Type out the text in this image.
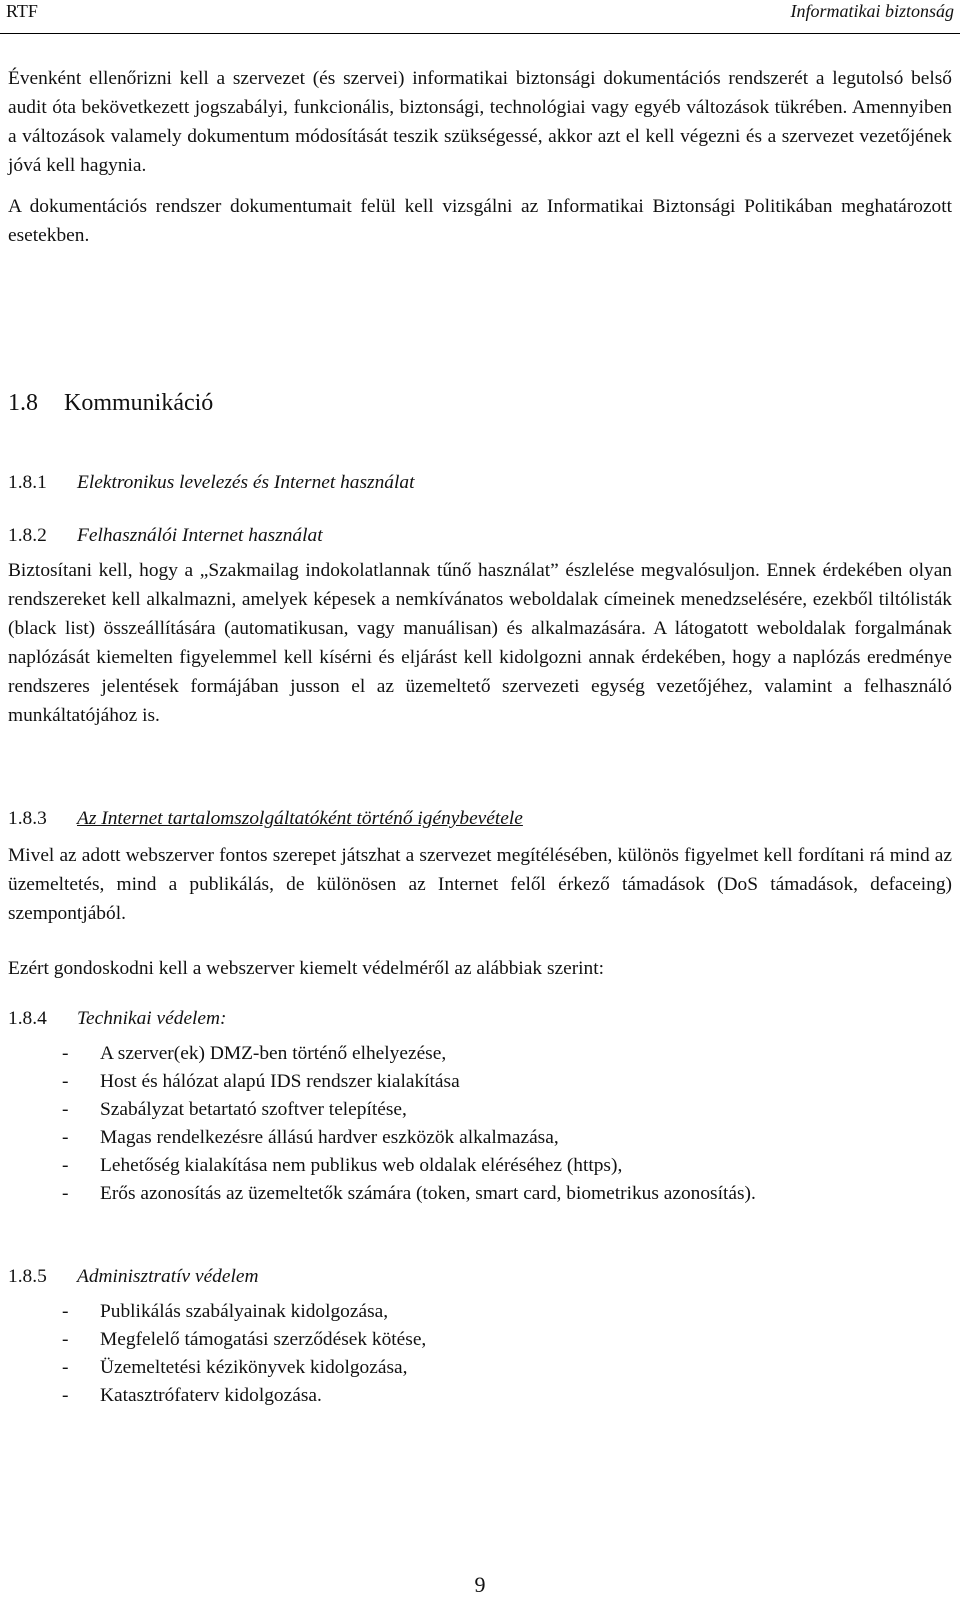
RTF	Informatikai biztonság

Évenként ellenőrizni kell a szervezet (és szervei) informatikai biztonsági dokumentációs rendszerét a legutolsó belső audit óta bekövetkezett jogszabályi, funkcionális, biztonsági, technológiai vagy egyéb változások tükrében. Amennyiben a változások valamely dokumentum módosítását teszik szükségessé, akkor azt el kell végezni és a szervezet vezetőjének jóvá kell hagynia.

A dokumentációs rendszer dokumentumait felül kell vizsgálni az Informatikai Biztonsági Politikában meghatározott esetekben.

1.8 Kommunikáció
1.8.1 Elektronikus levelezés és Internet használat
1.8.2 Felhasználói Internet használat
Biztosítani kell, hogy a „Szakmailag indokolatlannak tűnő használat” észlelése megvalósuljon. Ennek érdekében olyan rendszereket kell alkalmazni, amelyek képesek a nemkívánatos weboldalak címeinek menedzselésére, ezekből tiltólisták (black list) összeállítására (automatikusan, vagy manuálisan) és alkalmazására. A látogatott weboldalak forgalmának naplózását kiemelten figyelemmel kell kísérni és eljárást kell kidolgozni annak érdekében, hogy a naplózás eredménye rendszeres jelentések formájában jusson el az üzemeltető szervezeti egység vezetőjéhez, valamint a felhasználó munkáltatójához is.
1.8.3 Az Internet tartalomszolgáltatóként történő igénybevétele
Mivel az adott webszerver fontos szerepet játszhat a szervezet megítélésében, különös figyelmet kell fordítani rá mind az üzemeltetés, mind a publikálás, de különösen az Internet felől érkező támadások (DoS támadások, defaceing) szempontjából.
Ezért gondoskodni kell a webszerver kiemelt védelméről az alábbiak szerint:
1.8.4 Technikai védelem:
- A szerver(ek) DMZ-ben történő elhelyezése,
- Host és hálózat alapú IDS rendszer kialakítása
- Szabályzat betartató szoftver telepítése,
- Magas rendelkezésre állású hardver eszközök alkalmazása,
- Lehetőség kialakítása nem publikus web oldalak eléréséhez (https),
- Erős azonosítás az üzemeltetők számára (token, smart card, biometrikus azonosítás).
1.8.5 Adminisztratív védelem
- Publikálás szabályainak kidolgozása,
- Megfelelő támogatási szerződések kötése,
- Üzemeltetési kézikönyvek kidolgozása,
- Katasztrófaterv kidolgozása.
9
